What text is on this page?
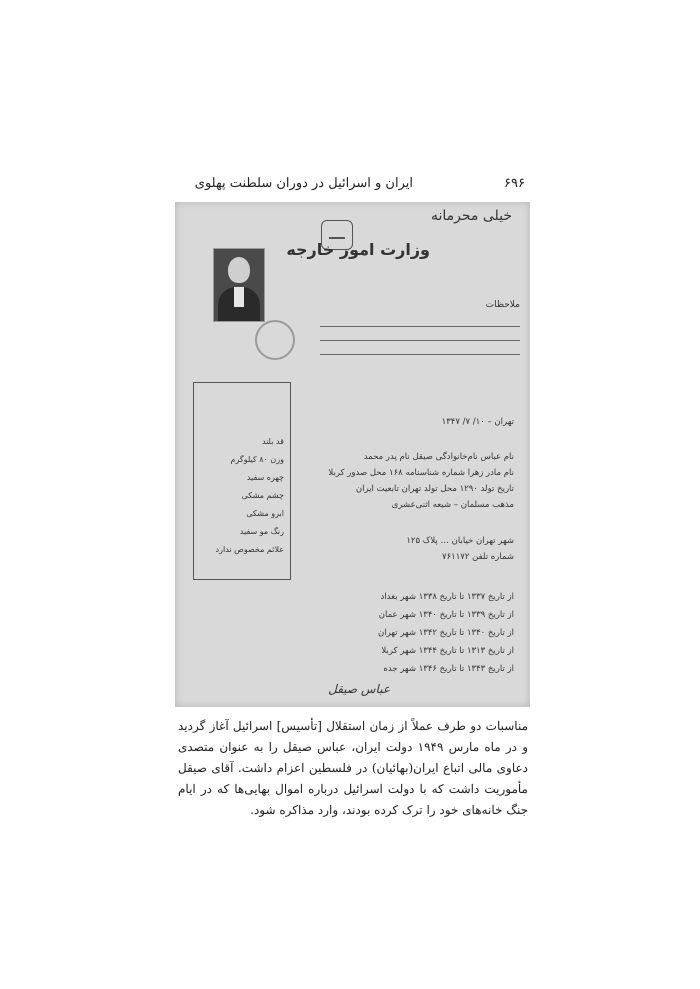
۶۹۶
ایران و اسرائیل در دوران سلطنت پهلوی
خیلی محرمانه
وزارت امور خارجه
ملاحظات
تهران – ۱۰/ ۷/ ۱۳۴۷
نام عباس نام‌خانوادگی صیقل نام پدر محمد
نام مادر زهرا شماره شناسنامه ۱۶۸ محل صدور کربلا
تاریخ تولد ۱۲۹۰ محل تولد تهران تابعیت ایران
مذهب مسلمان – شیعه اثنی‌عشری
شهر تهران خیابان … پلاک ۱۲۵
شماره تلفن ۷۶۱۱۷۲
قد بلند
وزن ۸۰ کیلوگرم
چهره سفید
چشم مشکی
ابرو مشکی
رنگ مو سفید
علائم مخصوص ندارد
از تاریخ ۱۳۳۷ تا تاریخ ۱۳۳۸ شهر بغداد
از تاریخ ۱۳۳۹ تا تاریخ ۱۳۴۰ شهر عمان
از تاریخ ۱۳۴۰ تا تاریخ ۱۳۴۲ شهر تهران
از تاریخ ۱۳۱۳ تا تاریخ ۱۳۴۴ شهر کربلا
از تاریخ ۱۳۴۳ تا تاریخ ۱۳۴۶ شهر جده
عباس صیقل
مناسبات دو طرف عملاً از زمان استقلال [تأسیس] اسرائیل آغاز گردید و در ماه مارس ۱۹۴۹ دولت ایران، عباس صیقل را به عنوان متصدی دعاوی مالی اتباع ایران(بهائیان) در فلسطین اعزام داشت. آقای صیقل مأموریت داشت که با دولت اسرائیل درباره اموال بهایی‌ها که در ایام جنگ خانه‌های خود را ترک کرده بودند، وارد مذاکره شود.
